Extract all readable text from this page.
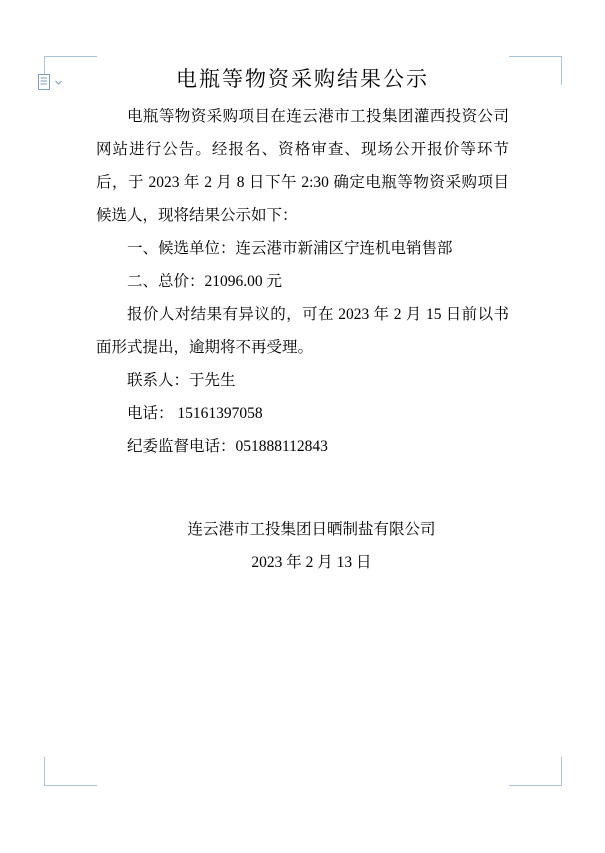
电瓶等物资采购结果公示

电瓶等物资采购项目在连云港市工投集团灌西投资公司网站进行公告。经报名、资格审查、现场公开报价等环节后，于 2023 年 2 月 8 日下午 2:30 确定电瓶等物资采购项目候选人，现将结果公示如下：

一、候选单位：连云港市新浦区宁连机电销售部

二、总价：21096.00 元

报价人对结果有异议的，可在 2023 年 2 月 15 日前以书面形式提出，逾期将不再受理。

联系人：于先生

电话： 15161397058

纪委监督电话：051888112843

连云港市工投集团日晒制盐有限公司
2023 年 2 月 13 日
